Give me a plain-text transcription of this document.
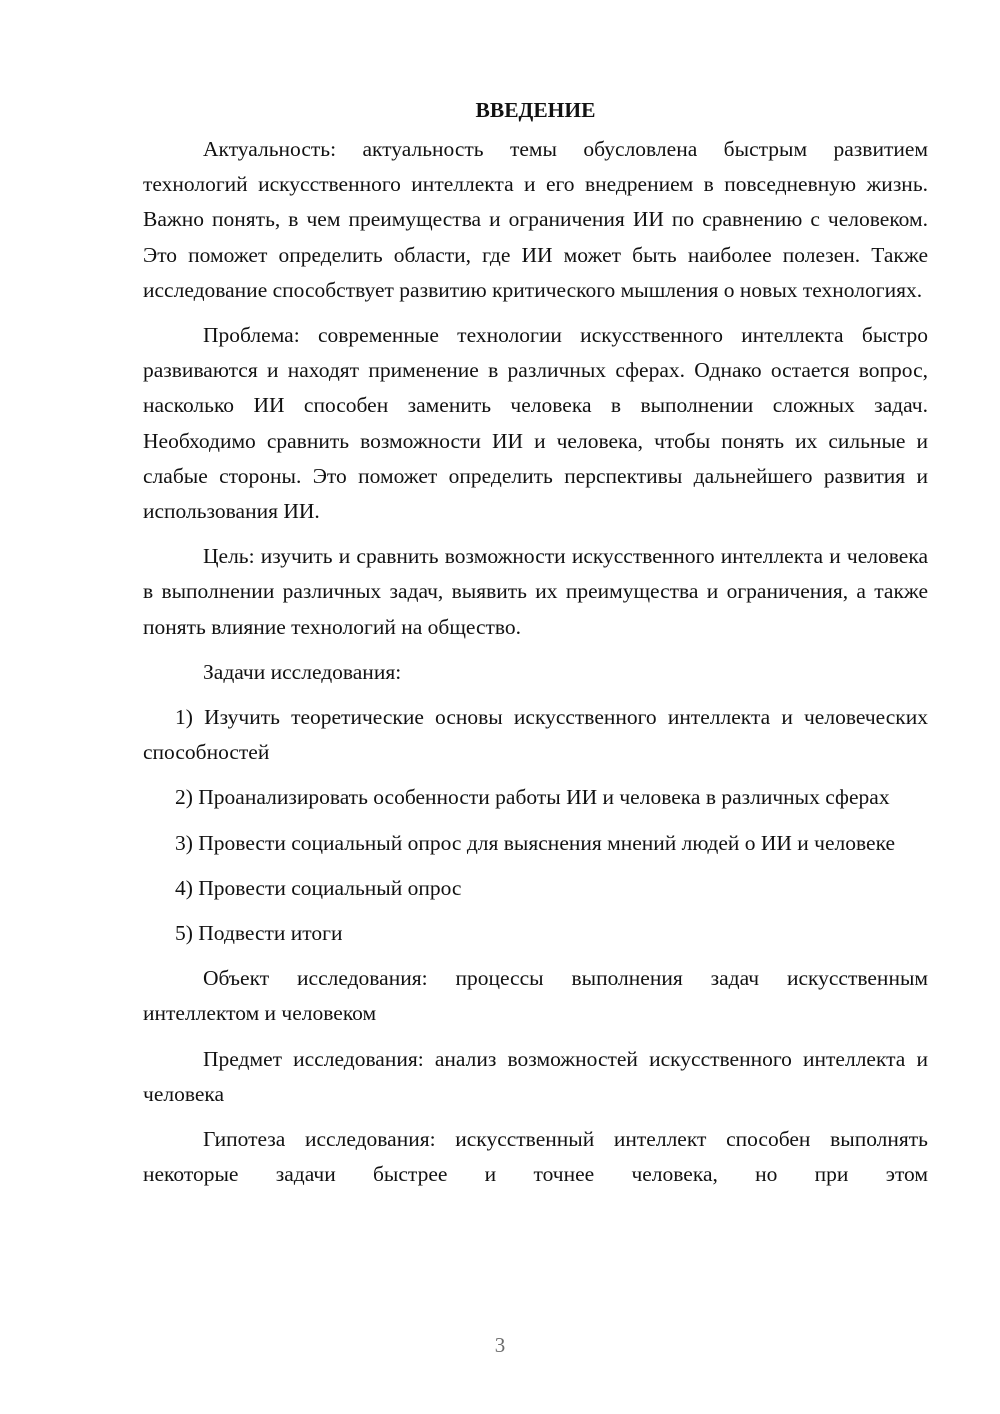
ВВЕДЕНИЕ

Актуальность: актуальность темы обусловлена быстрым развитием технологий искусственного интеллекта и его внедрением в повседневную жизнь. Важно понять, в чем преимущества и ограничения ИИ по сравнению с человеком. Это поможет определить области, где ИИ может быть наиболее полезен. Также исследование способствует развитию критического мышления о новых технологиях.

Проблема: современные технологии искусственного интеллекта быстро развиваются и находят применение в различных сферах. Однако остается вопрос, насколько ИИ способен заменить человека в выполнении сложных задач. Необходимо сравнить возможности ИИ и человека, чтобы понять их сильные и слабые стороны. Это поможет определить перспективы дальнейшего развития и использования ИИ.

Цель: изучить и сравнить возможности искусственного интеллекта и человека в выполнении различных задач, выявить их преимущества и ограничения, а также понять влияние технологий на общество.

Задачи исследования:

1) Изучить теоретические основы искусственного интеллекта и человеческих способностей

2) Проанализировать особенности работы ИИ и человека в различных сферах

3) Провести социальный опрос для выяснения мнений людей о ИИ и человеке

4) Провести социальный опрос

5) Подвести итоги

Объект исследования: процессы выполнения задач искусственным интеллектом и человеком

Предмет исследования: анализ возможностей искусственного интеллекта и человека

Гипотеза исследования: искусственный интеллект способен выполнять некоторые задачи быстрее и точнее человека, но при этом

3
